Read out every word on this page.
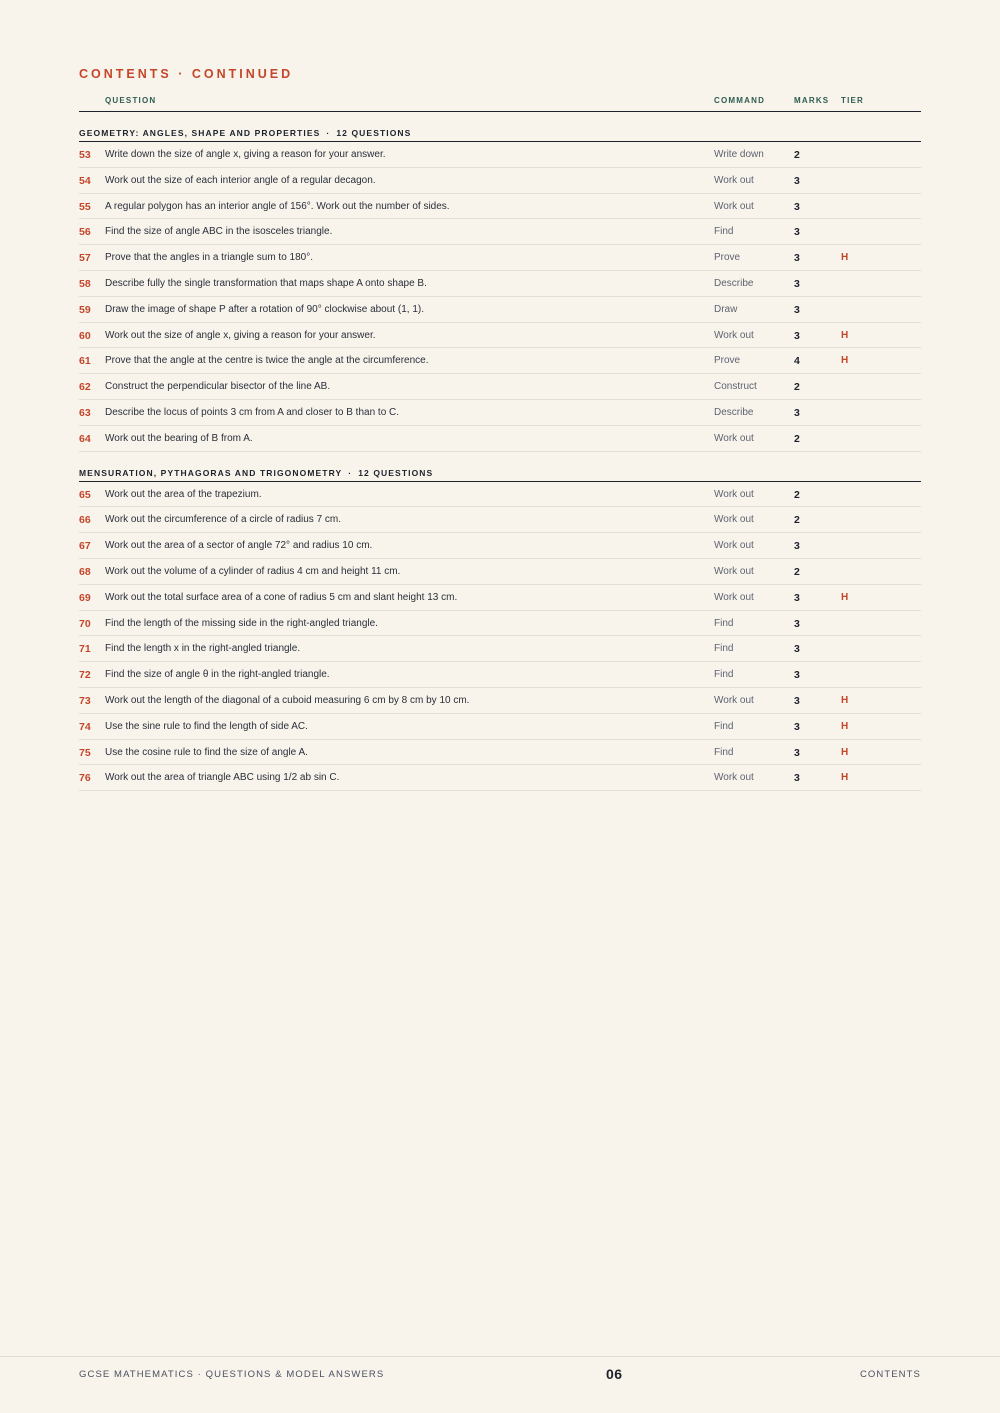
CONTENTS · CONTINUED
QUESTION	COMMAND	MARKS TIER
GEOMETRY: ANGLES, SHAPE AND PROPERTIES · 12 QUESTIONS
53 Write down the size of angle x, giving a reason for your answer.	Write down	2
54 Work out the size of each interior angle of a regular decagon.	Work out	3
55 A regular polygon has an interior angle of 156°. Work out the number of sides.	Work out	3
56 Find the size of angle ABC in the isosceles triangle.	Find	3
57 Prove that the angles in a triangle sum to 180°.	Prove	3	H
58 Describe fully the single transformation that maps shape A onto shape B.	Describe	3
59 Draw the image of shape P after a rotation of 90° clockwise about (1, 1).	Draw	3
60 Work out the size of angle x, giving a reason for your answer.	Work out	3	H
61 Prove that the angle at the centre is twice the angle at the circumference.	Prove	4	H
62 Construct the perpendicular bisector of the line AB.	Construct	2
63 Describe the locus of points 3 cm from A and closer to B than to C.	Describe	3
64 Work out the bearing of B from A.	Work out	2
MENSURATION, PYTHAGORAS AND TRIGONOMETRY · 12 QUESTIONS
65 Work out the area of the trapezium.	Work out	2
66 Work out the circumference of a circle of radius 7 cm.	Work out	2
67 Work out the area of a sector of angle 72° and radius 10 cm.	Work out	3
68 Work out the volume of a cylinder of radius 4 cm and height 11 cm.	Work out	2
69 Work out the total surface area of a cone of radius 5 cm and slant height 13 cm.	Work out	3	H
70 Find the length of the missing side in the right-angled triangle.	Find	3
71 Find the length x in the right-angled triangle.	Find	3
72 Find the size of angle θ in the right-angled triangle.	Find	3
73 Work out the length of the diagonal of a cuboid measuring 6 cm by 8 cm by 10 cm.	Work out	3	H
74 Use the sine rule to find the length of side AC.	Find	3	H
75 Use the cosine rule to find the size of angle A.	Find	3	H
76 Work out the area of triangle ABC using 1/2 ab sin C.	Work out	3	H
GCSE MATHEMATICS · QUESTIONS & MODEL ANSWERS	06	CONTENTS
